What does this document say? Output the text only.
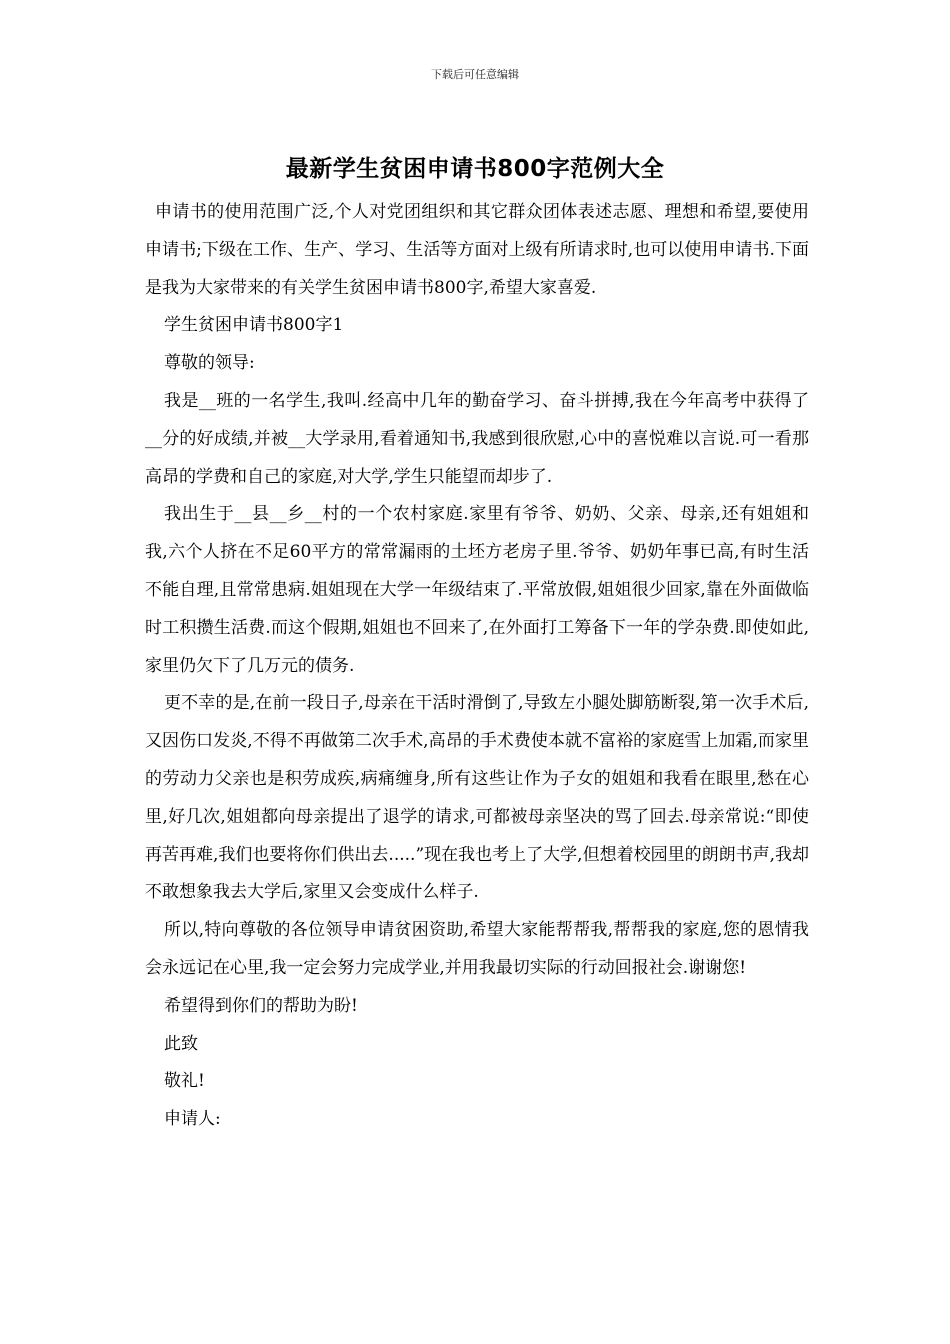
下载后可任意编辑
最新学生贫困申请书800字范例大全

申请书的使用范围广泛,个人对党团组织和其它群众团体表述志愿、理想和希望,要使用申请书;下级在工作、生产、学习、生活等方面对上级有所请求时,也可以使用申请书.下面是我为大家带来的有关学生贫困申请书800字,希望大家喜爱.

学生贫困申请书800字1

尊敬的领导:

我是__班的一名学生,我叫.经高中几年的勤奋学习、奋斗拼搏,我在今年高考中获得了__分的好成绩,并被__大学录用,看着通知书,我感到很欣慰,心中的喜悦难以言说.可一看那高昂的学费和自己的家庭,对大学,学生只能望而却步了.

我出生于__县__乡__村的一个农村家庭.家里有爷爷、奶奶、父亲、母亲,还有姐姐和我,六个人挤在不足60平方的常常漏雨的土坯方老房子里.爷爷、奶奶年事已高,有时生活不能自理,且常常患病.姐姐现在大学一年级结束了.平常放假,姐姐很少回家,靠在外面做临时工积攒生活费.而这个假期,姐姐也不回来了,在外面打工筹备下一年的学杂费.即使如此,家里仍欠下了几万元的债务.

更不幸的是,在前一段日子,母亲在干活时滑倒了,导致左小腿处脚筋断裂,第一次手术后,又因伤口发炎,不得不再做第二次手术,高昂的手术费使本就不富裕的家庭雪上加霜,而家里的劳动力父亲也是积劳成疾,病痛缠身,所有这些让作为子女的姐姐和我看在眼里,愁在心里,好几次,姐姐都向母亲提出了退学的请求,可都被母亲坚决的骂了回去.母亲常说:“即使再苦再难,我们也要将你们供出去.....”现在我也考上了大学,但想着校园里的朗朗书声,我却不敢想象我去大学后,家里又会变成什么样子.

所以,特向尊敬的各位领导申请贫困资助,希望大家能帮帮我,帮帮我的家庭,您的恩情我会永远记在心里,我一定会努力完成学业,并用我最切实际的行动回报社会.谢谢您!

希望得到你们的帮助为盼!

此致

敬礼!

申请人:
